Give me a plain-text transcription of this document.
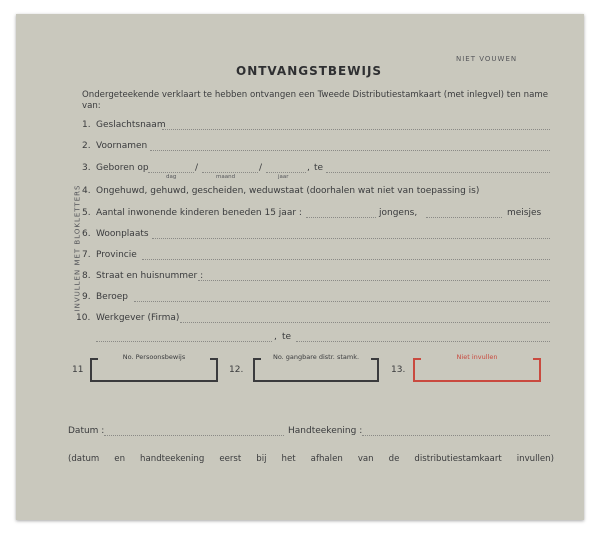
NIET VOUWEN
ONTVANGSTBEWIJS
Ondergeteekende verklaart te hebben ontvangen een Tweede Distributiestamkaart (met inlegvel) ten name van:
INVULLEN MET BLOKLETTERS
1. Geslachtsnaam
2. Voornamen
3. Geboren op	/	/	, te
dag	maand	jaar
4. Ongehuwd, gehuwd, gescheiden, weduwstaat (doorhalen wat niet van toepassing is)
5. Aantal inwonende kinderen beneden 15 jaar :	jongens,	meisjes
6. Woonplaats
7. Provincie
8. Straat en huisnummer :
9. Beroep
10. Werkgever (Firma)
, te
11
No. Persoonsbewijs
12.
No. gangbare distr. stamk.
13.
Niet invullen
Datum :	Handteekening :
(datum en handteekening eerst bij het afhalen van de distributiestamkaart invullen)
